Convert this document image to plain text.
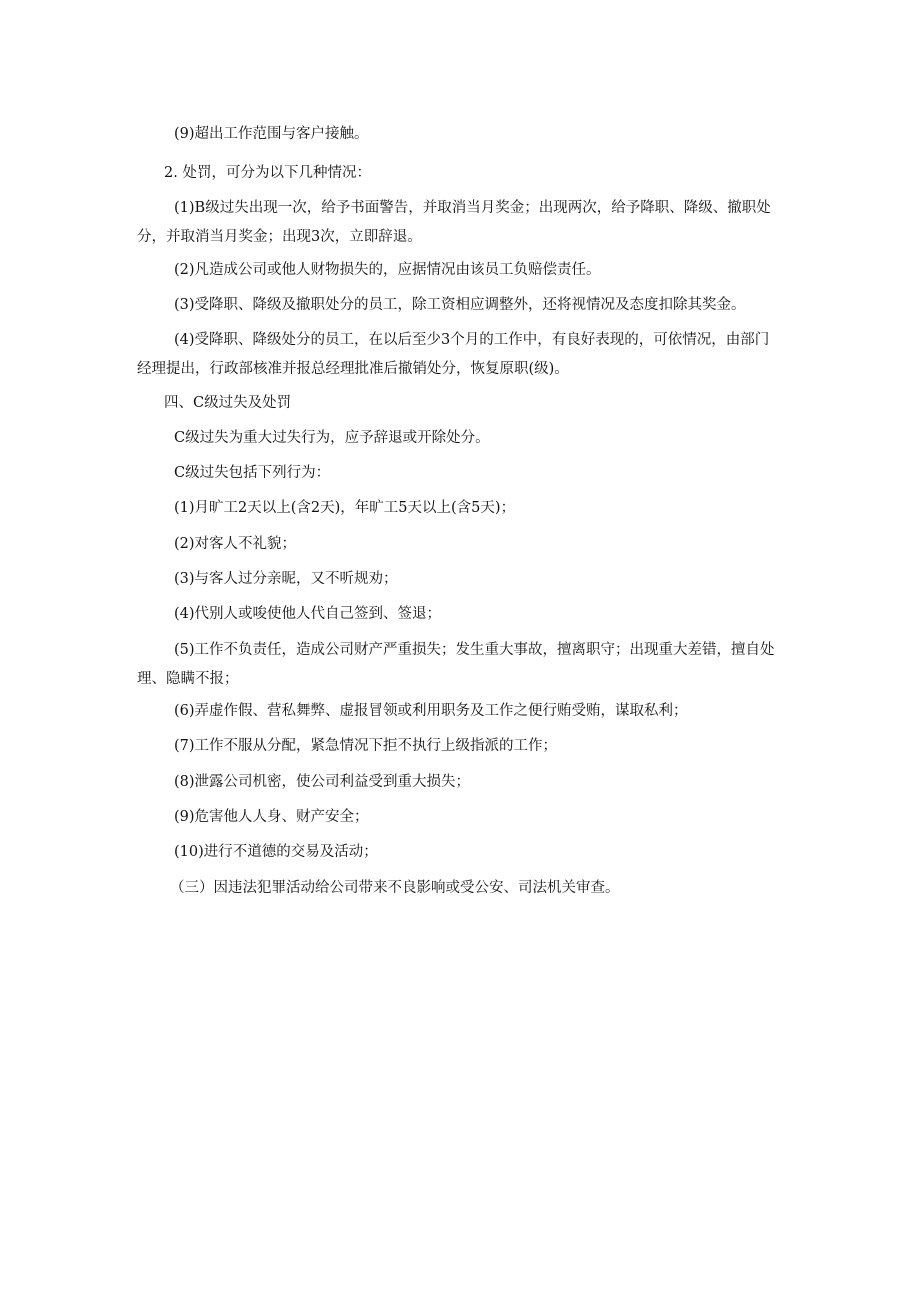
(9)超出工作范围与客户接触。

2. 处罚，可分为以下几种情况：

(1)B级过失出现一次，给予书面警告，并取消当月奖金；出现两次，给予降职、降级、撤职处分，并取消当月奖金；出现3次，立即辞退。

(2)凡造成公司或他人财物损失的，应据情况由该员工负赔偿责任。

(3)受降职、降级及撤职处分的员工，除工资相应调整外，还将视情况及态度扣除其奖金。

(4)受降职、降级处分的员工，在以后至少3个月的工作中，有良好表现的，可依情况，由部门经理提出，行政部核准并报总经理批准后撤销处分，恢复原职(级)。

四、C级过失及处罚

C级过失为重大过失行为，应予辞退或开除处分。

C级过失包括下列行为：

(1)月旷工2天以上(含2天)，年旷工5天以上(含5天)；

(2)对客人不礼貌；

(3)与客人过分亲昵，又不听规劝；

(4)代别人或唆使他人代自己签到、签退；

(5)工作不负责任，造成公司财产严重损失；发生重大事故，擅离职守；出现重大差错，擅自处理、隐瞒不报；

(6)弄虚作假、营私舞弊、虚报冒领或利用职务及工作之便行贿受贿，谋取私利；

(7)工作不服从分配，紧急情况下拒不执行上级指派的工作；

(8)泄露公司机密，使公司利益受到重大损失；

(9)危害他人人身、财产安全；

(10)进行不道德的交易及活动；

（三）因违法犯罪活动给公司带来不良影响或受公安、司法机关审查。
